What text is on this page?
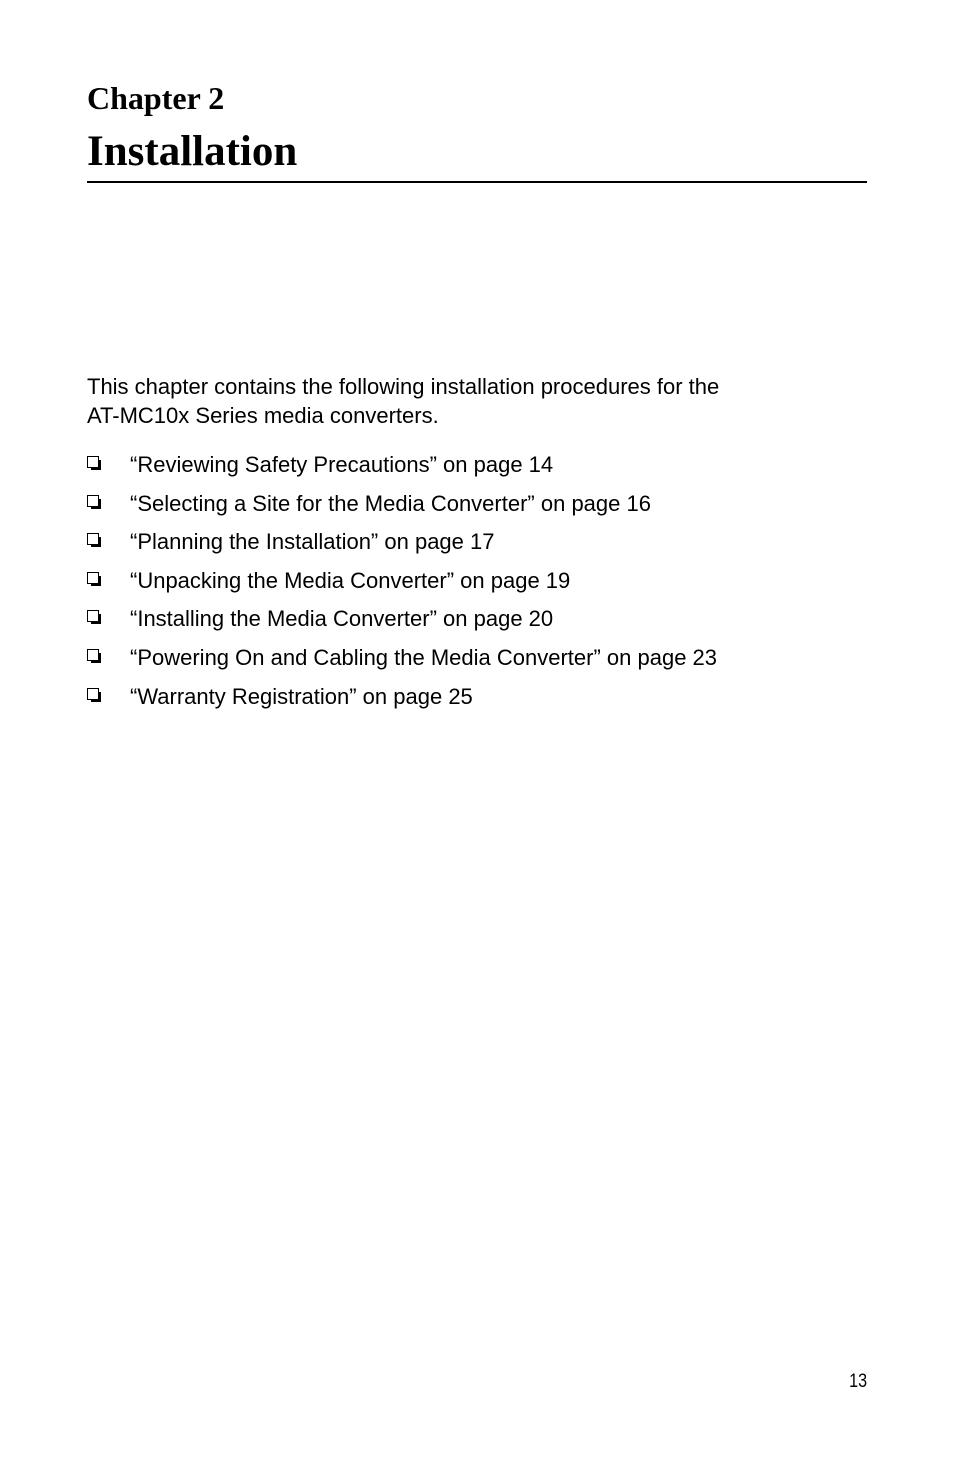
Chapter 2
Installation

This chapter contains the following installation procedures for the
AT-MC10x Series media converters.

“Reviewing Safety Precautions” on page 14
“Selecting a Site for the Media Converter” on page 16
“Planning the Installation” on page 17
“Unpacking the Media Converter” on page 19
“Installing the Media Converter” on page 20
“Powering On and Cabling the Media Converter” on page 23
“Warranty Registration” on page 25
13
